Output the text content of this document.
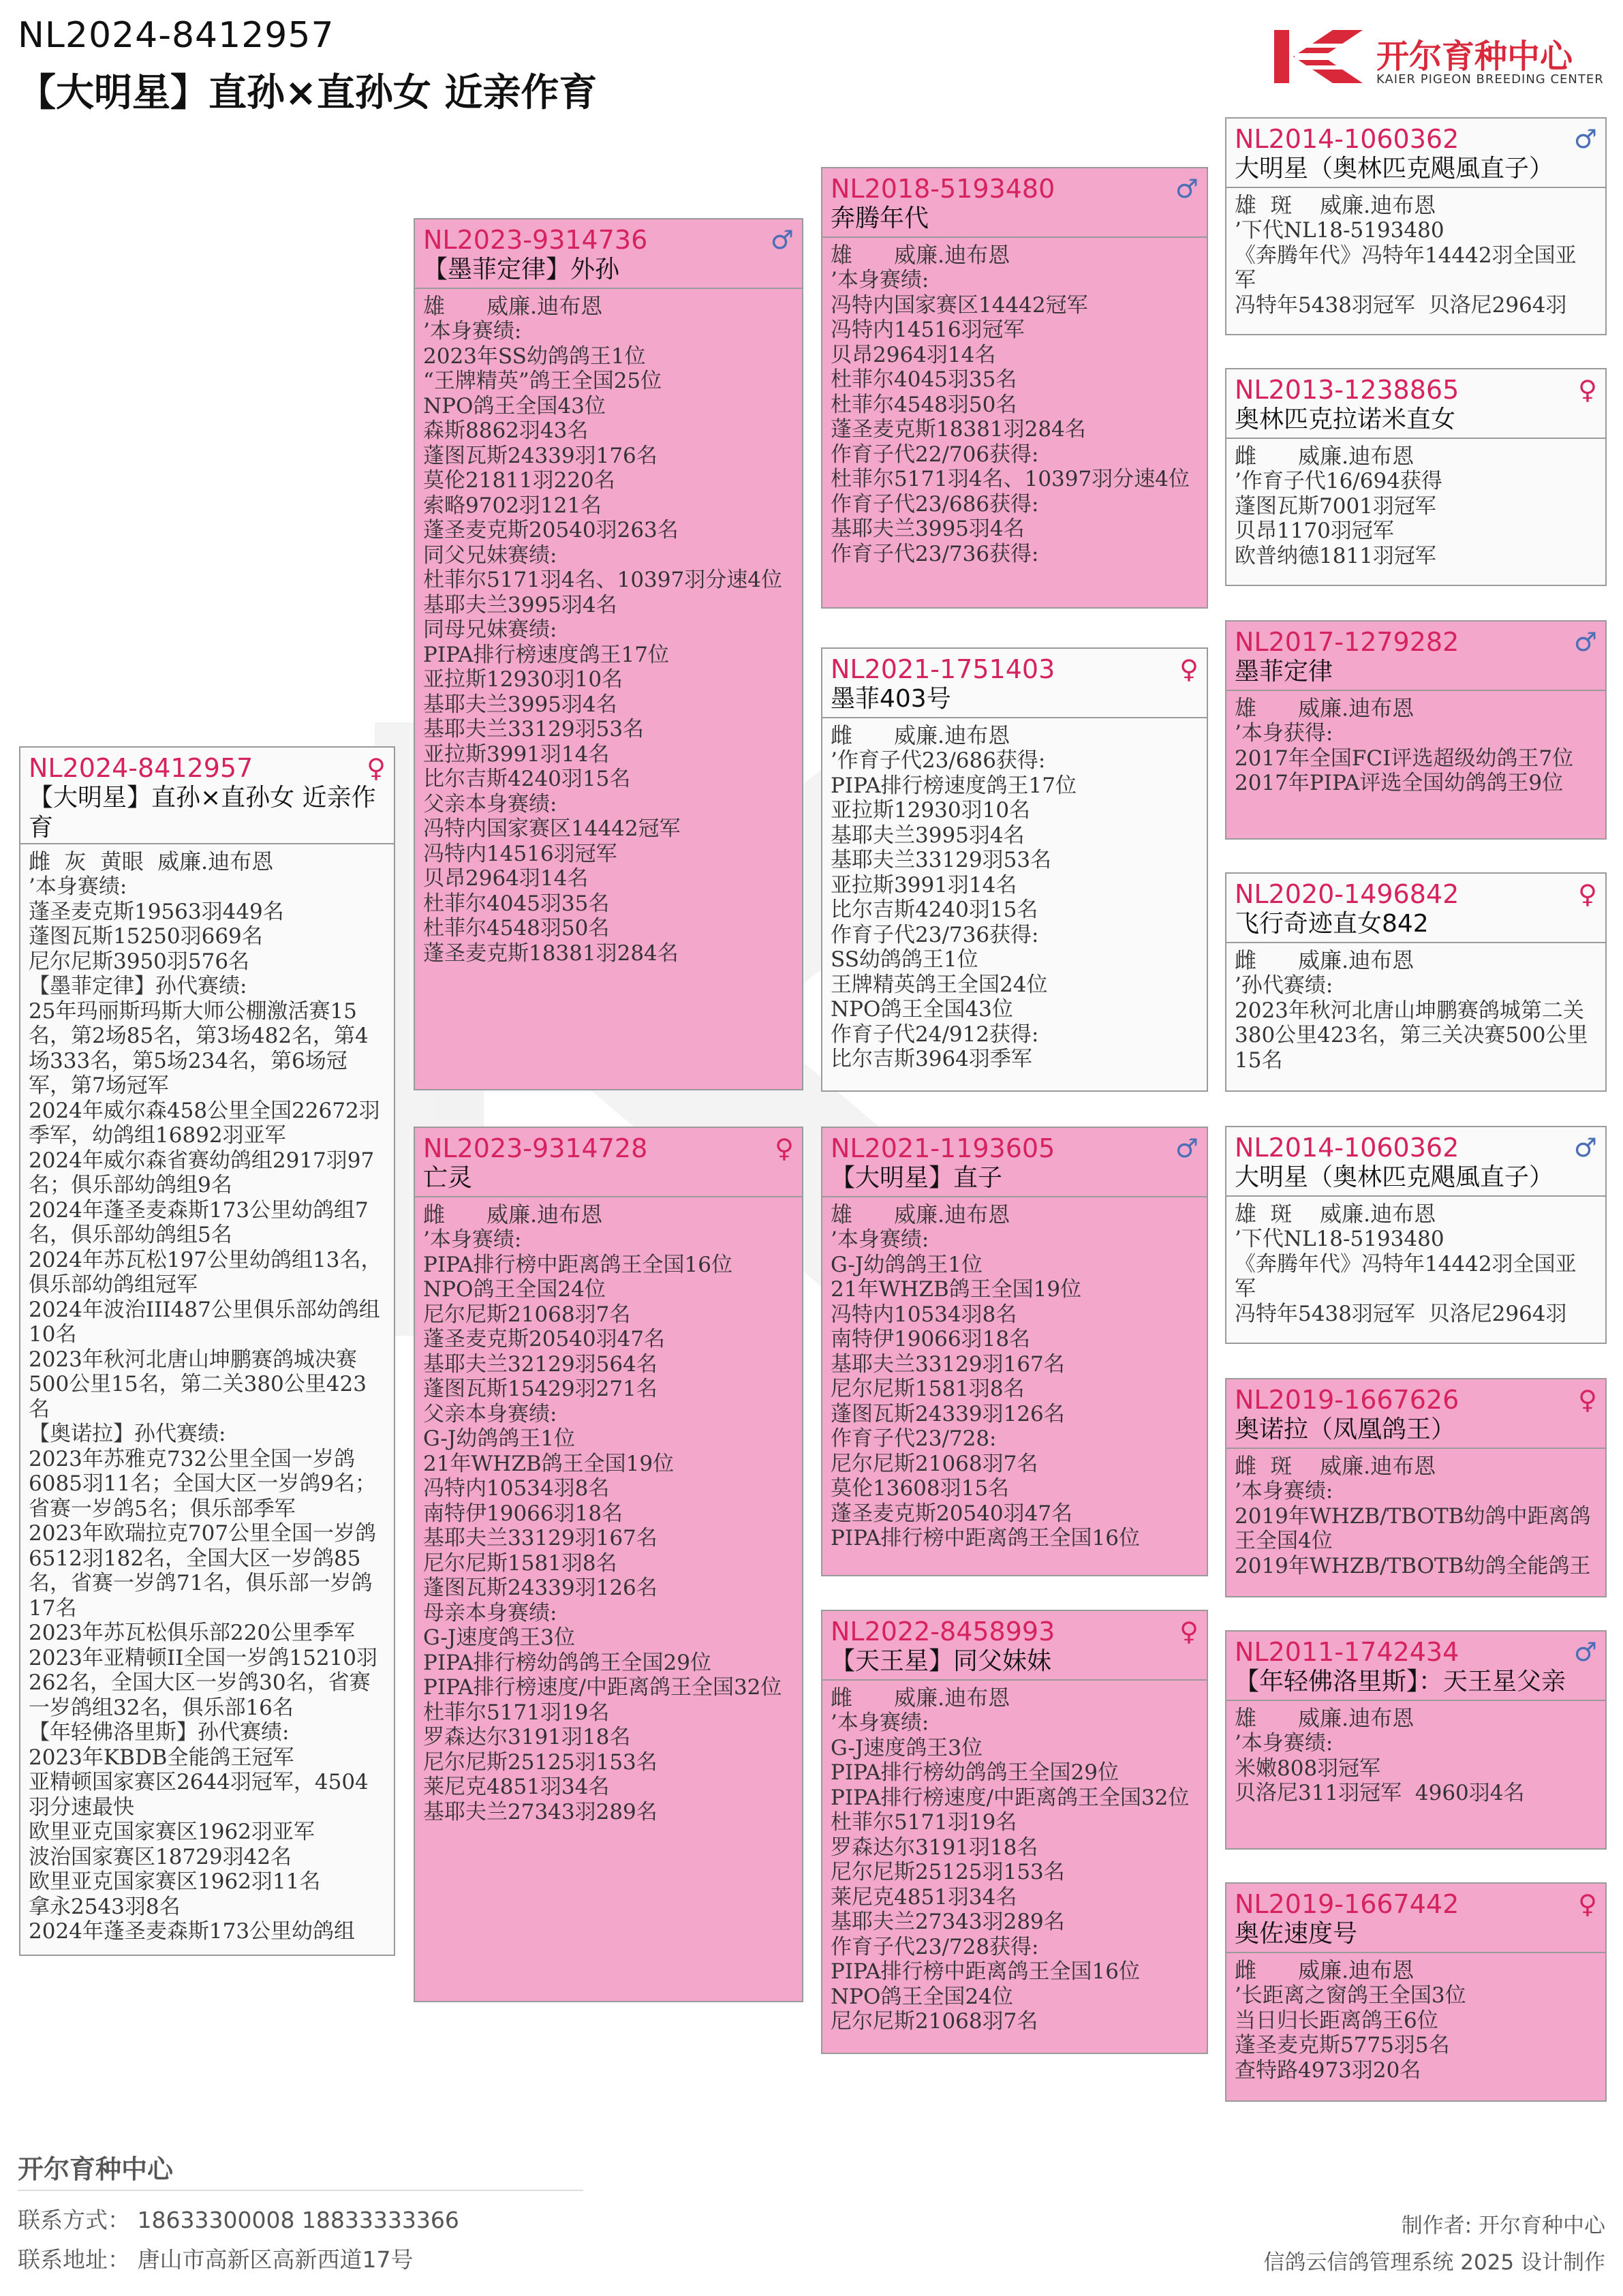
NL2024-8412957
【大明星】直孙×直孙女 近亲作育
开尔育种中心
KAIER PIGEON BREEDING CENTER
NL2024-8412957	♀
【大明星】直孙×直孙女 近亲作育
雌  灰  黄眼  威廉.迪布恩
’本身赛绩:
蓬圣麦克斯19563羽449名
蓬图瓦斯15250羽669名
尼尔尼斯3950羽576名
【墨菲定律】孙代赛绩:
25年玛丽斯玛斯大师公棚激活赛15名，第2场85名，第3场482名，第4场333名，第5场234名，第6场冠军，第7场冠军
2024年威尔森458公里全国22672羽季军，幼鸽组16892羽亚军
2024年威尔森省赛幼鸽组2917羽97名；俱乐部幼鸽组9名
2024年蓬圣麦森斯173公里幼鸽组7名，俱乐部幼鸽组5名
2024年苏瓦松197公里幼鸽组13名，俱乐部幼鸽组冠军
2024年波治III487公里俱乐部幼鸽组10名
2023年秋河北唐山坤鹏赛鸽城决赛500公里15名，第二关380公里423名
【奥诺拉】孙代赛绩:
2023年苏雅克732公里全国一岁鸽6085羽11名；全国大区一岁鸽9名；省赛一岁鸽5名；俱乐部季军
2023年欧瑞拉克707公里全国一岁鸽6512羽182名，全国大区一岁鸽85名，省赛一岁鸽71名，俱乐部一岁鸽17名
2023年苏瓦松俱乐部220公里季军
2023年亚精顿II全国一岁鸽15210羽262名，全国大区一岁鸽30名，省赛一岁鸽组32名，俱乐部16名
【年轻佛洛里斯】孙代赛绩:
2023年KBDB全能鸽王冠军
亚精顿国家赛区2644羽冠军，4504羽分速最快
欧里亚克国家赛区1962羽亚军
波治国家赛区18729羽42名
欧里亚克国家赛区1962羽11名
拿永2543羽8名
2024年蓬圣麦森斯173公里幼鸽组
NL2023-9314736	♂
【墨菲定律】外孙
雄      威廉.迪布恩
’本身赛绩:
2023年SS幼鸽鸽王1位
“王牌精英”鸽王全国25位
NPO鸽王全国43位
森斯8862羽43名
蓬图瓦斯24339羽176名
莫伦21811羽220名
索略9702羽121名
蓬圣麦克斯20540羽263名
同父兄妹赛绩:
杜菲尔5171羽4名、10397羽分速4位
基耶夫兰3995羽4名
同母兄妹赛绩:
PIPA排行榜速度鸽王17位
亚拉斯12930羽10名
基耶夫兰3995羽4名
基耶夫兰33129羽53名
亚拉斯3991羽14名
比尔吉斯4240羽15名
父亲本身赛绩:
冯特内国家赛区14442冠军
冯特内14516羽冠军
贝昂2964羽14名
杜菲尔4045羽35名
杜菲尔4548羽50名
蓬圣麦克斯18381羽284名
NL2023-9314728	♀
亡灵
雌      威廉.迪布恩
’本身赛绩:
PIPA排行榜中距离鸽王全国16位
NPO鸽王全国24位
尼尔尼斯21068羽7名
蓬圣麦克斯20540羽47名
基耶夫兰32129羽564名
蓬图瓦斯15429羽271名
父亲本身赛绩:
G-J幼鸽鸽王1位
21年WHZB鸽王全国19位
冯特内10534羽8名
南特伊19066羽18名
基耶夫兰33129羽167名
尼尔尼斯1581羽8名
蓬图瓦斯24339羽126名
母亲本身赛绩:
G-J速度鸽王3位
PIPA排行榜幼鸽鸽王全国29位
PIPA排行榜速度/中距离鸽王全国32位
杜菲尔5171羽19名
罗森达尔3191羽18名
尼尔尼斯25125羽153名
莱尼克4851羽34名
基耶夫兰27343羽289名
NL2018-5193480	♂
奔腾年代
雄      威廉.迪布恩
’本身赛绩:
冯特内国家赛区14442冠军
冯特内14516羽冠军
贝昂2964羽14名
杜菲尔4045羽35名
杜菲尔4548羽50名
蓬圣麦克斯18381羽284名
作育子代22/706获得:
杜菲尔5171羽4名、10397羽分速4位
作育子代23/686获得:
基耶夫兰3995羽4名
作育子代23/736获得:
NL2021-1751403	♀
墨菲403号
雌      威廉.迪布恩
’作育子代23/686获得:
PIPA排行榜速度鸽王17位
亚拉斯12930羽10名
基耶夫兰3995羽4名
基耶夫兰33129羽53名
亚拉斯3991羽14名
比尔吉斯4240羽15名
作育子代23/736获得:
SS幼鸽鸽王1位
王牌精英鸽王全国24位
NPO鸽王全国43位
作育子代24/912获得:
比尔吉斯3964羽季军
NL2021-1193605	♂
【大明星】直子
雄      威廉.迪布恩
’本身赛绩:
G-J幼鸽鸽王1位
21年WHZB鸽王全国19位
冯特内10534羽8名
南特伊19066羽18名
基耶夫兰33129羽167名
尼尔尼斯1581羽8名
蓬图瓦斯24339羽126名
作育子代23/728:
尼尔尼斯21068羽7名
莫伦13608羽15名
蓬圣麦克斯20540羽47名
PIPA排行榜中距离鸽王全国16位
NL2022-8458993	♀
【天王星】同父妹妹
雌      威廉.迪布恩
’本身赛绩:
G-J速度鸽王3位
PIPA排行榜幼鸽鸽王全国29位
PIPA排行榜速度/中距离鸽王全国32位
杜菲尔5171羽19名
罗森达尔3191羽18名
尼尔尼斯25125羽153名
莱尼克4851羽34名
基耶夫兰27343羽289名
作育子代23/728获得:
PIPA排行榜中距离鸽王全国16位
NPO鸽王全国24位
尼尔尼斯21068羽7名
NL2014-1060362	♂
大明星（奥林匹克飓風直子）
雄  斑    威廉.迪布恩
’下代NL18-5193480
《奔腾年代》冯特年14442羽全国亚军
冯特年5438羽冠军  贝洛尼2964羽
NL2013-1238865	♀
奥林匹克拉诺米直女
雌      威廉.迪布恩
’作育子代16/694获得
蓬图瓦斯7001羽冠军
贝昂1170羽冠军
欧普纳德1811羽冠军
NL2017-1279282	♂
墨菲定律
雄      威廉.迪布恩
’本身获得:
2017年全国FCI评选超级幼鸽王7位
2017年PIPA评选全国幼鸽鸽王9位
NL2020-1496842	♀
飞行奇迹直女842
雌      威廉.迪布恩
’孙代赛绩:
2023年秋河北唐山坤鹏赛鸽城第二关380公里423名，第三关决赛500公里15名
NL2014-1060362	♂
大明星（奥林匹克飓風直子）
雄  斑    威廉.迪布恩
’下代NL18-5193480
《奔腾年代》冯特年14442羽全国亚军
冯特年5438羽冠军  贝洛尼2964羽
NL2019-1667626	♀
奥诺拉（凤凰鸽王）
雌  斑    威廉.迪布恩
’本身赛绩:
2019年WHZB/TBOTB幼鸽中距离鸽王全国4位
2019年WHZB/TBOTB幼鸽全能鸽王
NL2011-1742434	♂
【年轻佛洛里斯】：天王星父亲
雄      威廉.迪布恩
’本身赛绩:
米嫩808羽冠军
贝洛尼311羽冠军  4960羽4名
NL2019-1667442	♀
奥佐速度号
雌      威廉.迪布恩
’长距离之窗鸽王全国3位
当日归长距离鸽王6位
蓬圣麦克斯5775羽5名
查特路4973羽20名
开尔育种中心
联系方式： 18633300008 18833333366
联系地址： 唐山市高新区高新西道17号
制作者: 开尔育种中心
信鸽云信鸽管理系统 2025 设计制作
